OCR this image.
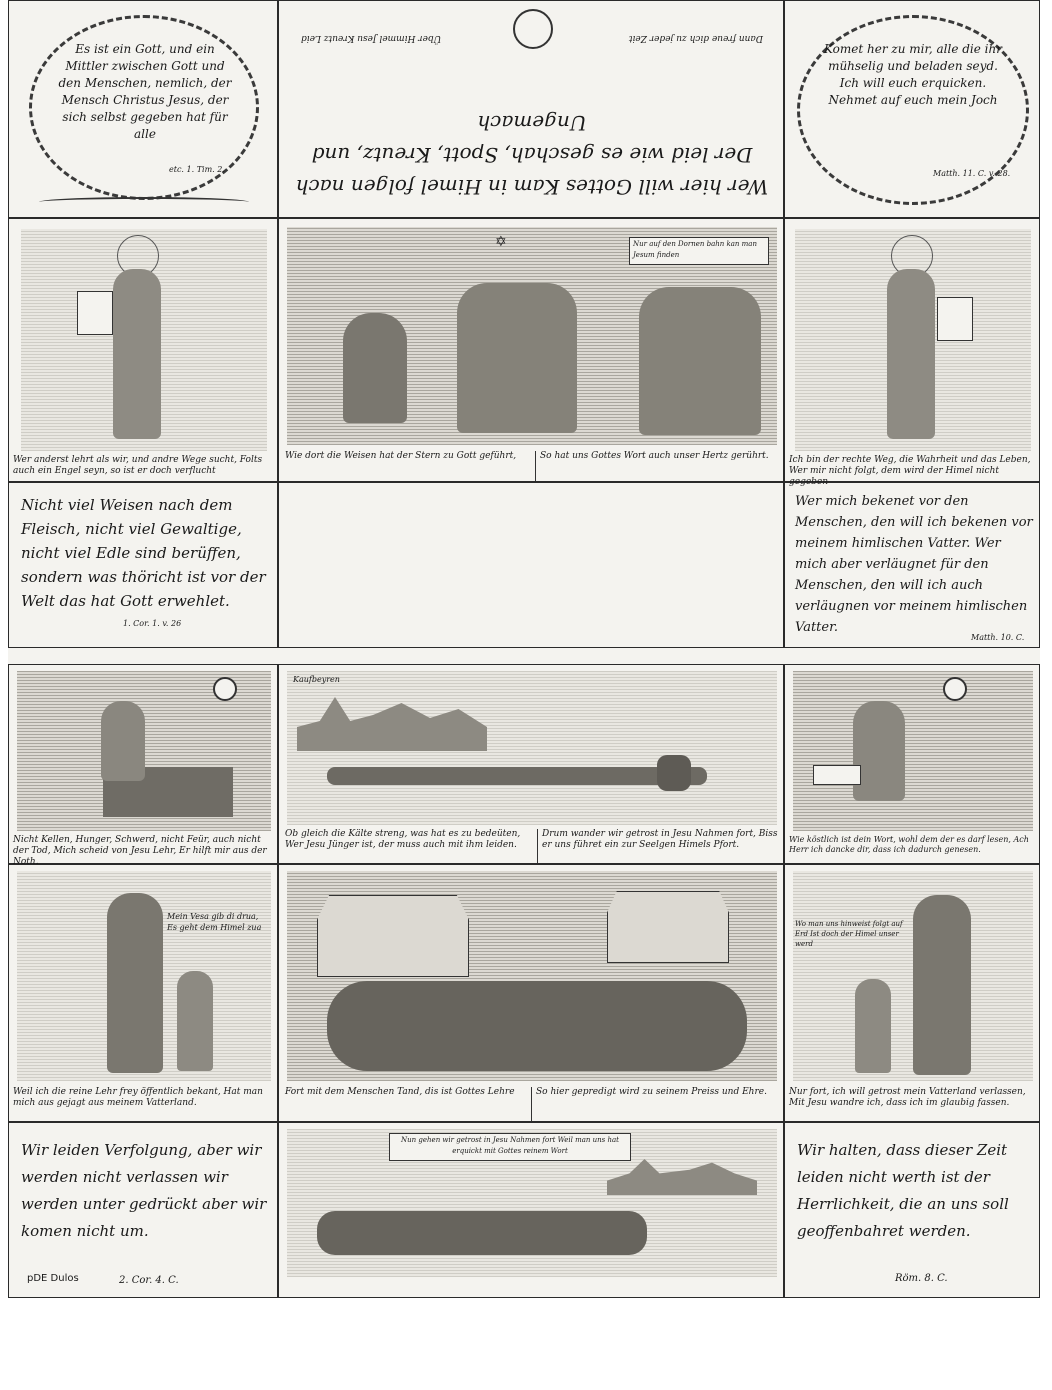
Es ist ein Gott, und ein Mittler zwischen Gott und den Menschen, nemlich, der Mensch Christus Jesus, der sich selbst gegeben hat für alle
etc. 1. Tim. 2.
Dann freue dich zu jeder Zeit
Über Himmel Jesu Kreutz Leid
Wer hier will Gottes Kam in Himel folgen nach
Der leid wie es geschah, Spott, Kreutz, und Ungemach
Komet her zu mir, alle die ihr mühselig und beladen seyd. Ich will euch erquicken. Nehmet auf euch mein Joch
Matth. 11. C. v. 28.
Wer anderst lehrt als wir, und andre Wege sucht, Folts auch ein Engel seyn, so ist er doch verflucht
✡	Nur auf den Dornen bahn kan man Jesum finden
Wie dort die Weisen hat der Stern zu Gott geführt,	So hat uns Gottes Wort auch unser Hertz gerührt.	Ich bin der rechte Weg, die Wahrheit und das Leben, Wer mir nicht folgt, dem wird der Himel nicht gegeben
Nicht viel Weisen nach dem Fleisch, nicht viel Gewaltige, nicht viel Edle sind berüffen, sondern was thöricht ist vor der Welt das hat Gott erwehlet.
1. Cor. 1. v. 26
Wer mich bekenet vor den Menschen, den will ich bekenen vor meinem himlischen Vatter. Wer mich aber verläugnet für den Menschen, den will ich auch verläugnen vor meinem himlischen Vatter.
Matth. 10. C.
Nicht Kellen, Hunger, Schwerd, nicht Feür, auch nicht der Tod, Mich scheid von Jesu Lehr, Er hilft mir aus der Noth.
Kaufbeyren
Ob gleich die Kälte streng, was hat es zu bedeüten, Wer Jesu Jünger ist, der muss auch mit ihm leiden.
Drum wander wir getrost in Jesu Nahmen fort, Biss er uns führet ein zur Seelgen Himels Pfort.
Wie köstlich ist dein Wort, wohl dem der es darf lesen, Ach Herr ich dancke dir, dass ich dadurch genesen.
Mein Vesa gib di drua, Es geht dem Himel zua
Weil ich die reine Lehr frey öffentlich bekant, Hat man mich aus gejagt aus meinem Vatterland.
Fort mit dem Menschen Tand, dis ist Gottes Lehre	So hier gepredigt wird zu seinem Preiss und Ehre.
Wo man uns hinweist folgt auf Erd Ist doch der Himel unser werd
Nur fort, ich will getrost mein Vatterland verlassen, Mit Jesu wandre ich, dass ich im glaubig fassen.
Wir leiden Verfolgung, aber wir werden nicht verlassen wir werden unter gedrückt aber wir komen nicht um.
2. Cor. 4. C.
pDE Dulos
Nun gehen wir getrost in Jesu Nahmen fort Weil man uns hat erquickt mit Gottes reinem Wort	Wir halten, dass dieser Zeit leiden nicht werth ist der Herrlichkeit, die an uns soll geoffenbahret werden.
Röm. 8. C.
